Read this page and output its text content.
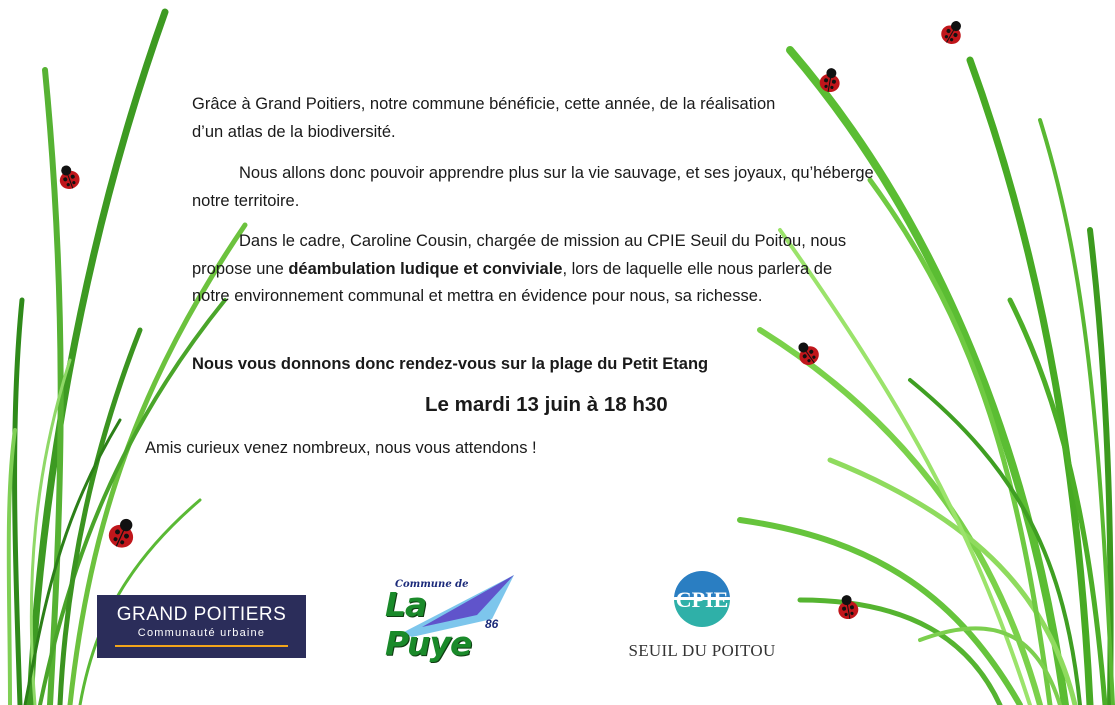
Grâce à Grand Poitiers, notre commune bénéficie, cette année, de la réalisation d’un atlas de la biodiversité.
Nous allons donc pouvoir apprendre plus sur la vie sauvage, et ses joyaux, qu’héberge notre territoire.
Dans le cadre, Caroline Cousin, chargée de mission au CPIE Seuil du Poitou, nous propose une déambulation ludique et conviviale, lors de laquelle elle nous parlera de notre environnement communal et mettra en évidence pour nous, sa richesse.
Nous vous donnons donc rendez-vous sur la plage du Petit Etang
Le mardi 13 juin à 18 h30
Amis curieux venez nombreux, nous vous attendons !
GRAND POITIERS
Communauté urbaine
Commune de
La Puye	86
CPIE
SEUIL DU POITOU
